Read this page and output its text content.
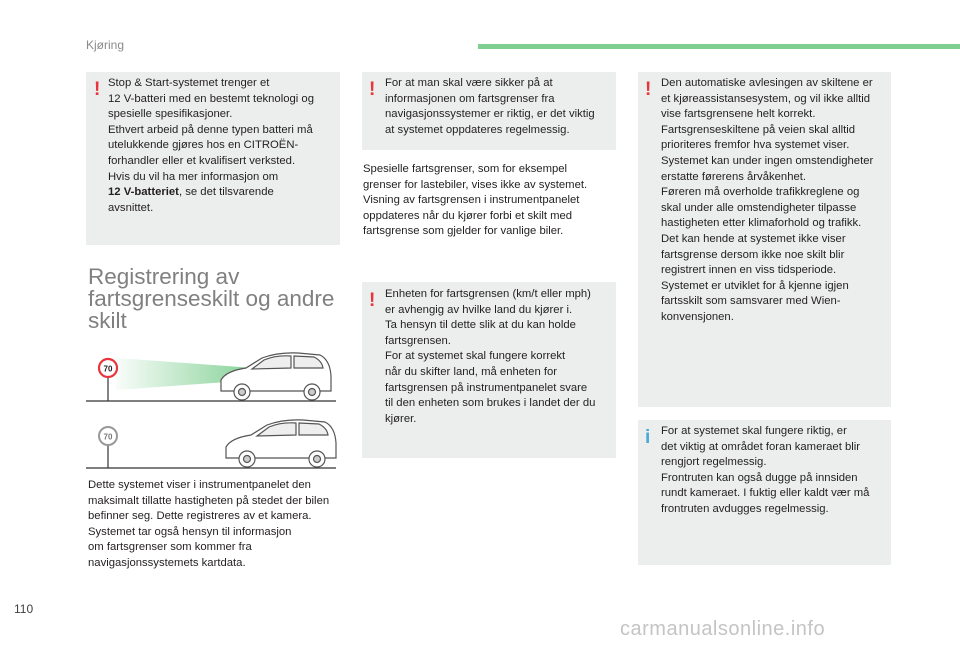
Kjøring
! Stop & Start-systemet trenger et
12 V-batteri med en bestemt teknologi og
spesielle spesifikasjoner.
Ethvert arbeid på denne typen batteri må
utelukkende gjøres hos en CITROËN-
forhandler eller et kvalifisert verksted.
Hvis du vil ha mer informasjon om
12 V-batteriet, se det tilsvarende
avsnittet.
Registrering av fartsgrenseskilt og andre skilt
70
70
Dette systemet viser i instrumentpanelet den
maksimalt tillatte hastigheten på stedet der bilen
befinner seg. Dette registreres av et kamera.
Systemet tar også hensyn til informasjon
om fartsgrenser som kommer fra
navigasjonssystemets kartdata.
! For at man skal være sikker på at
informasjonen om fartsgrenser fra
navigasjonssystemer er riktig, er det viktig
at systemet oppdateres regelmessig.
Spesielle fartsgrenser, som for eksempel
grenser for lastebiler, vises ikke av systemet.
Visning av fartsgrensen i instrumentpanelet
oppdateres når du kjører forbi et skilt med
fartsgrense som gjelder for vanlige biler.
! Enheten for fartsgrensen (km/t eller mph)
er avhengig av hvilke land du kjører i.
Ta hensyn til dette slik at du kan holde
fartsgrensen.
For at systemet skal fungere korrekt
når du skifter land, må enheten for
fartsgrensen på instrumentpanelet svare
til den enheten som brukes i landet der du
kjører.
! Den automatiske avlesingen av skiltene er
et kjøreassistansesystem, og vil ikke alltid
vise fartsgrensene helt korrekt.
Fartsgrenseskiltene på veien skal alltid
prioriteres fremfor hva systemet viser.
Systemet kan under ingen omstendigheter
erstatte førerens årvåkenhet.
Føreren må overholde trafikkreglene og
skal under alle omstendigheter tilpasse
hastigheten etter klimaforhold og trafikk.
Det kan hende at systemet ikke viser
fartsgrense dersom ikke noe skilt blir
registrert innen en viss tidsperiode.
Systemet er utviklet for å kjenne igjen
fartsskilt som samsvarer med Wien-
konvensjonen.
i For at systemet skal fungere riktig, er
det viktig at området foran kameraet blir
rengjort regelmessig.
Frontruten kan også dugge på innsiden
rundt kameraet. I fuktig eller kaldt vær må
frontruten avdugges regelmessig.
110
carmanualsonline.info
